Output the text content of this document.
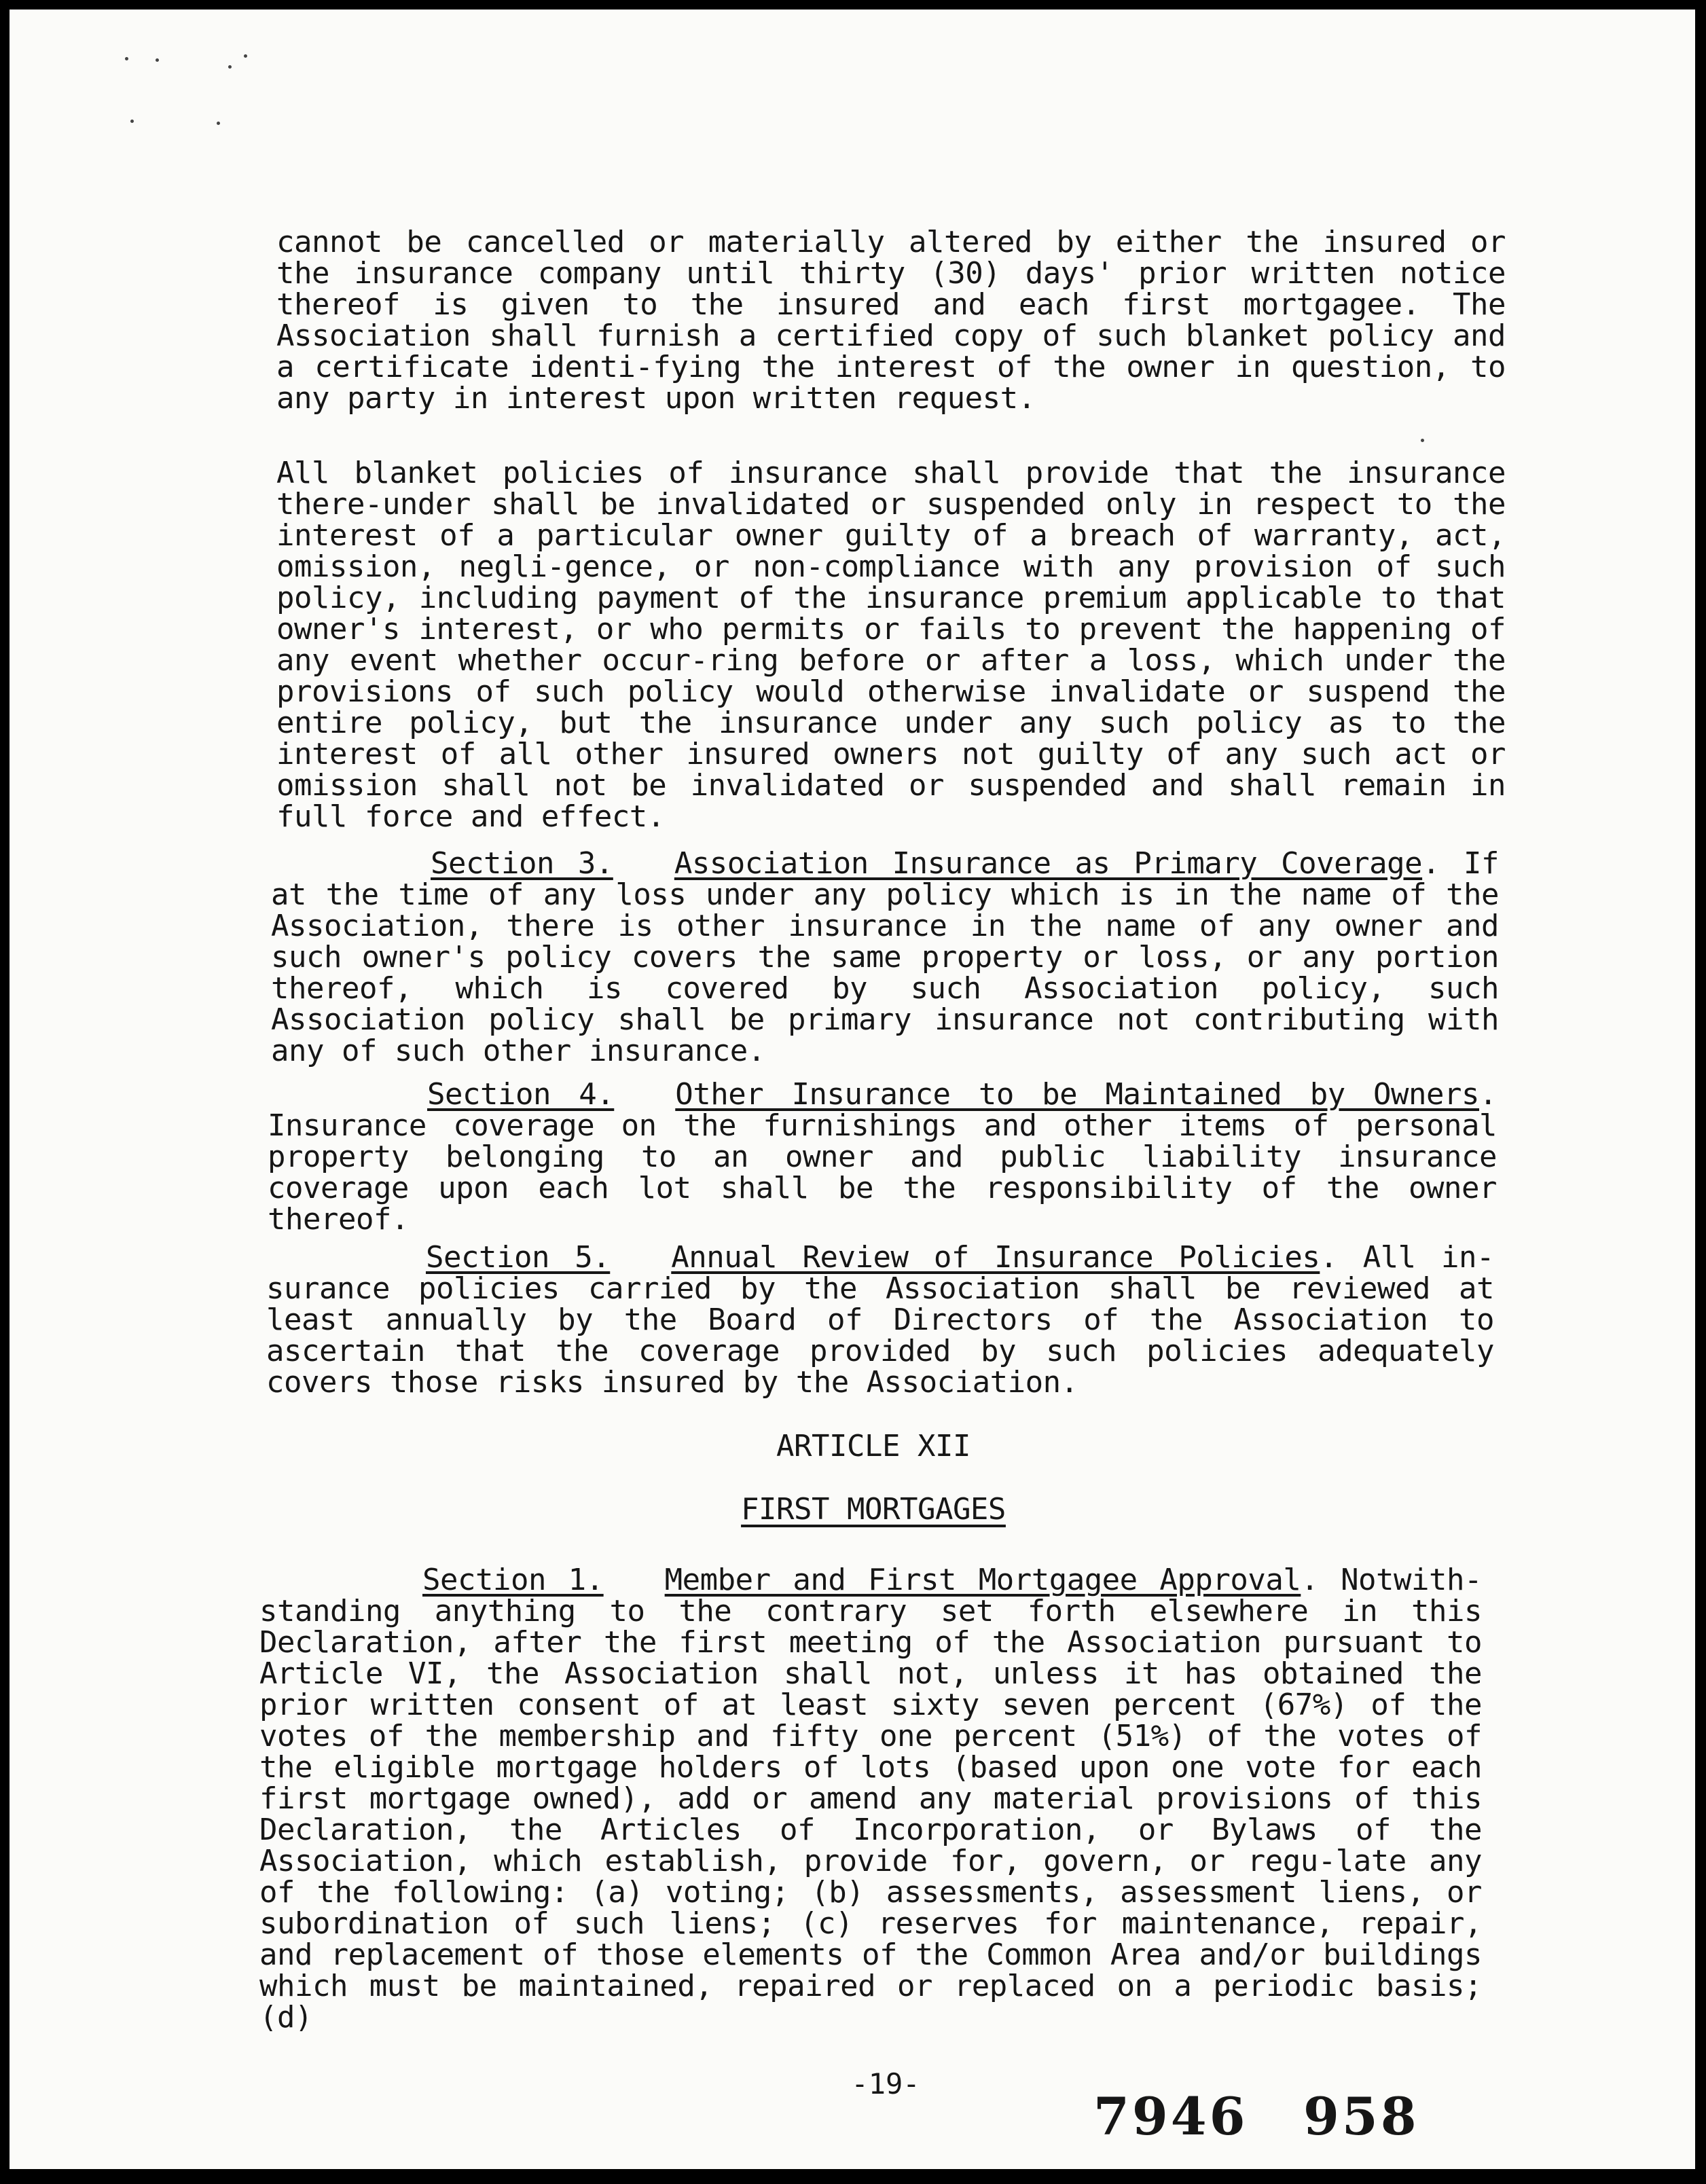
cannot be cancelled or materially altered by either the insured or the insurance company until thirty (30) days' prior written notice thereof is given to the insured and each first mortgagee. The Association shall furnish a certified copy of such blanket policy and a certificate identi-fying the interest of the owner in question, to any party in interest upon written request.
All blanket policies of insurance shall provide that the insurance there-under shall be invalidated or suspended only in respect to the interest of a particular owner guilty of a breach of warranty, act, omission, negli-gence, or non-compliance with any provision of such policy, including payment of the insurance premium applicable to that owner's interest, or who permits or fails to prevent the happening of any event whether occur-ring before or after a loss, which under the provisions of such policy would otherwise invalidate or suspend the entire policy, but the insurance under any such policy as to the interest of all other insured owners not guilty of any such act or omission shall not be invalidated or suspended and shall remain in full force and effect.
Section 3. Association Insurance as Primary Coverage. If at the time of any loss under any policy which is in the name of the Association, there is other insurance in the name of any owner and such owner's policy covers the same property or loss, or any portion thereof, which is covered by such Association policy, such Association policy shall be primary insurance not contributing with any of such other insurance.
Section 4. Other Insurance to be Maintained by Owners. Insurance coverage on the furnishings and other items of personal property belonging to an owner and public liability insurance coverage upon each lot shall be the responsibility of the owner thereof.
Section 5. Annual Review of Insurance Policies. All in-surance policies carried by the Association shall be reviewed at least annually by the Board of Directors of the Association to ascertain that the coverage provided by such policies adequately covers those risks insured by the Association.
ARTICLE XII
FIRST MORTGAGES
Section 1. Member and First Mortgagee Approval. Notwith-standing anything to the contrary set forth elsewhere in this Declaration, after the first meeting of the Association pursuant to Article VI, the Association shall not, unless it has obtained the prior written consent of at least sixty seven percent (67%) of the votes of the membership and fifty one percent (51%) of the votes of the eligible mortgage holders of lots (based upon one vote for each first mortgage owned), add or amend any material provisions of this Declaration, the Articles of Incorporation, or Bylaws of the Association, which establish, provide for, govern, or regu-late any of the following: (a) voting; (b) assessments, assessment liens, or subordination of such liens; (c) reserves for maintenance, repair, and replacement of those elements of the Common Area and/or buildings which must be maintained, repaired or replaced on a periodic basis; (d)
-19-
7946 958
